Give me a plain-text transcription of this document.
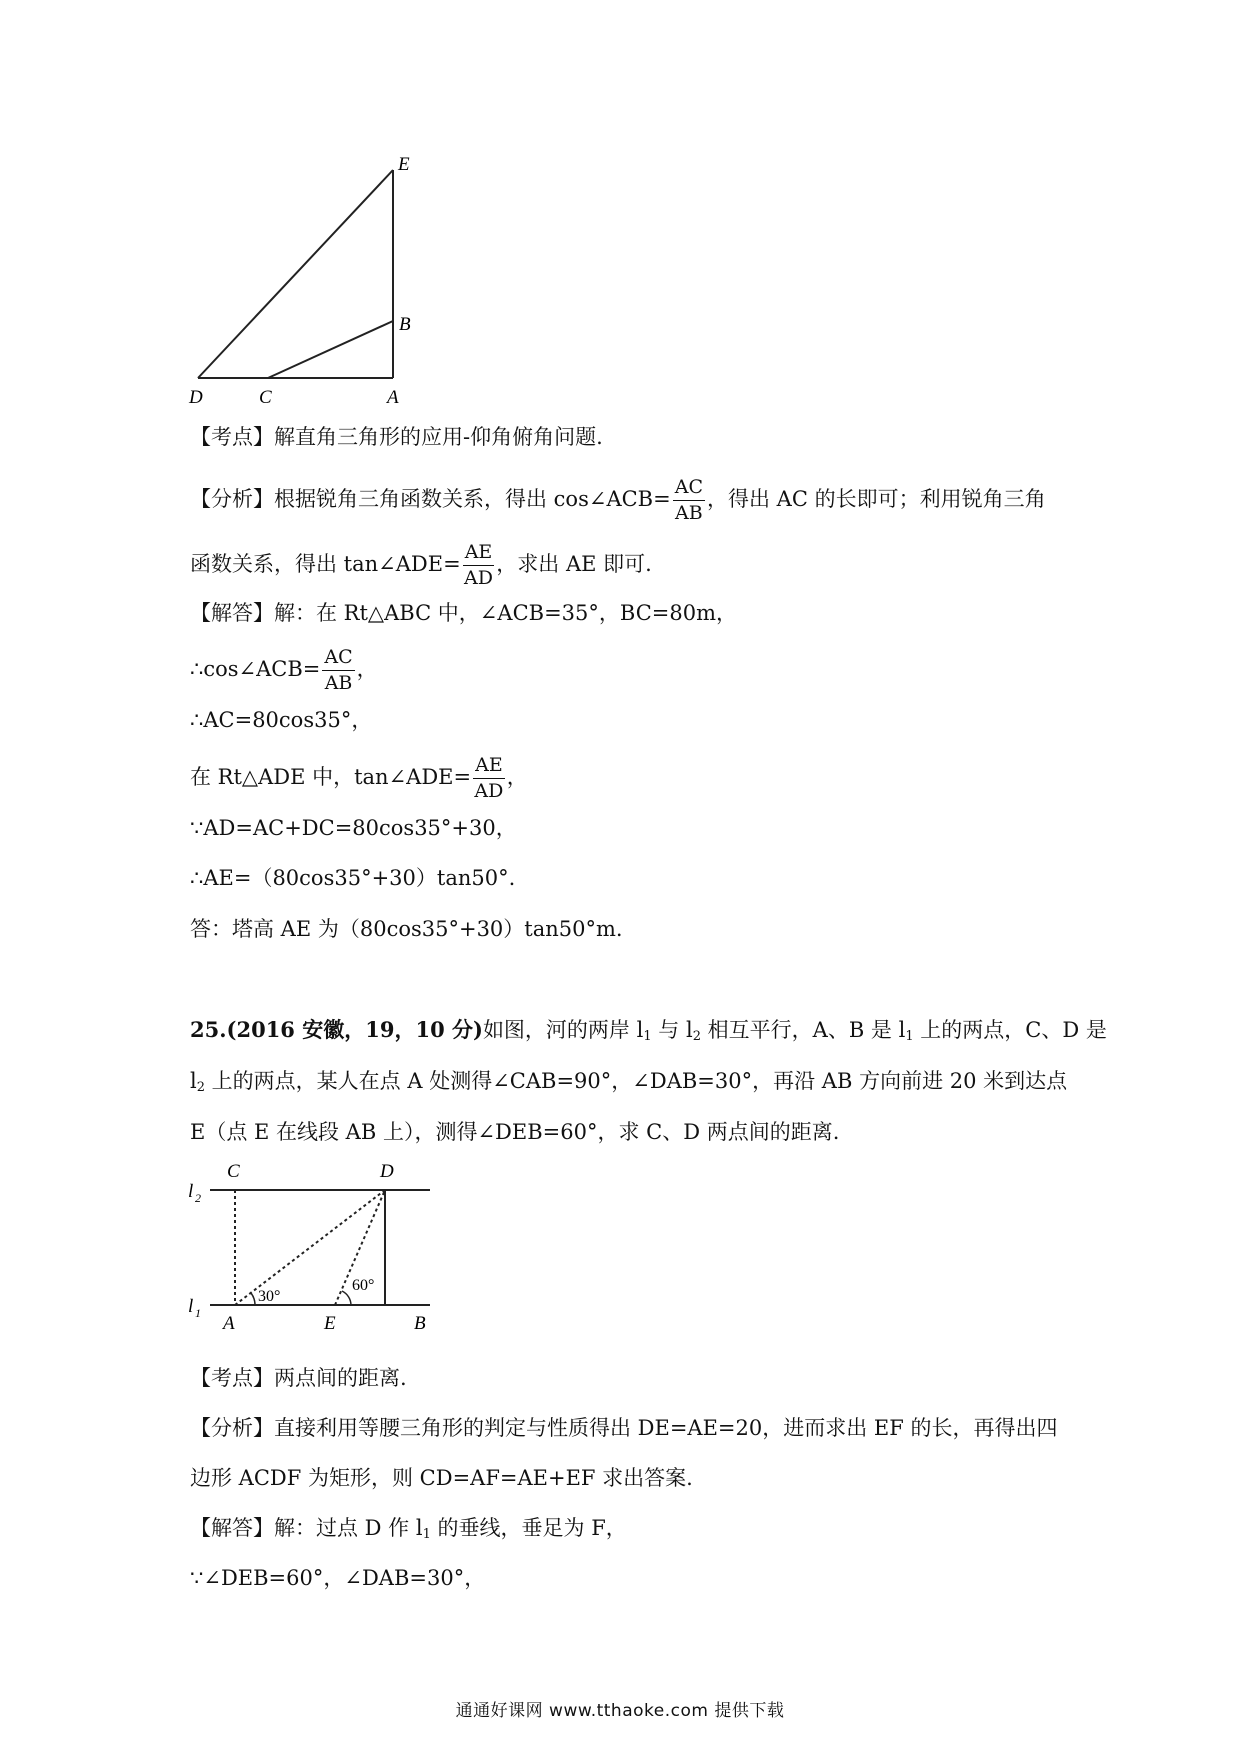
E
B
D	C	A
【考点】解直角三角形的应用-仰角俯角问题.
【分析】根据锐角三角函数关系，得出 cos∠ACB= $\frac{AC}{AB}$ ，得出 AC 的长即可；利用锐角三角
函数关系，得出 tan∠ADE= $\frac{AE}{AD}$ ，求出 AE 即可.
【解答】解：在 Rt△ABC 中，∠ACB=35°，BC=80m，
∴cos∠ACB= $\frac{AC}{AB}$ ，
∴AC=80cos35°，
在 Rt△ADE 中，tan∠ADE= $\frac{AE}{AD}$ ，
∵AD=AC+DC=80cos35°+30，
∴AE=（80cos35°+30）tan50°.
答：塔高 AE 为（80cos35°+30）tan50°m.
25.(2016 安徽，19，10 分)如图，河的两岸 $l_1$ 与 $l_2$ 相互平行，A、B 是 $l_1$ 上的两点，C、D 是
$l_2$ 上的两点，某人在点 A 处测得∠CAB=90°，∠DAB=30°，再沿 AB 方向前进 20 米到达点
E（点 E 在线段 AB 上），测得∠DEB=60°，求 C、D 两点间的距离.
l 2
l 1
C	D
A	E	B
30°
60°
【考点】两点间的距离.
【分析】直接利用等腰三角形的判定与性质得出 DE=AE=20，进而求出 EF 的长，再得出四
边形 ACDF 为矩形，则 CD=AF=AE+EF 求出答案.
【解答】解：过点 D 作 $l_1$ 的垂线，垂足为 F，
∵∠DEB=60°，∠DAB=30°，
通通好课网 www.tthaoke.com 提供下载
